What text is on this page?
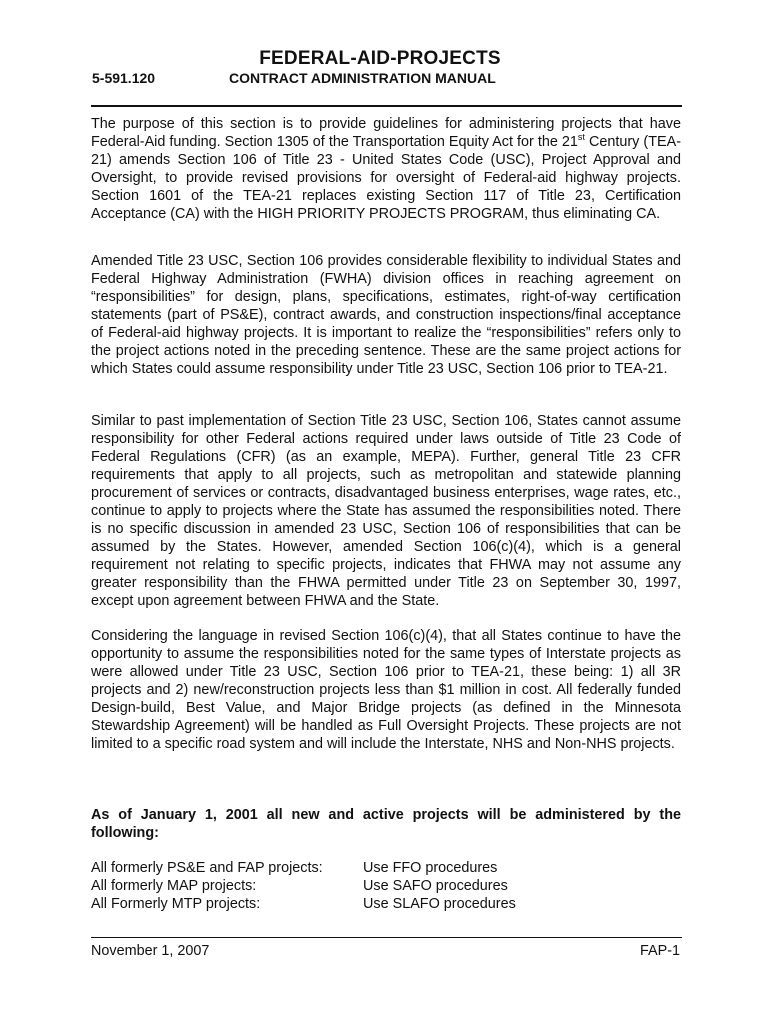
FEDERAL-AID-PROJECTS
5-591.120	CONTRACT ADMINISTRATION MANUAL
The purpose of this section is to provide guidelines for administering projects that have Federal-Aid funding. Section 1305 of the Transportation Equity Act for the 21st Century (TEA-21) amends Section 106 of Title 23 - United States Code (USC), Project Approval and Oversight, to provide revised provisions for oversight of Federal-aid highway projects. Section 1601 of the TEA-21 replaces existing Section 117 of Title 23, Certification Acceptance (CA) with the HIGH PRIORITY PROJECTS PROGRAM, thus eliminating CA.
Amended Title 23 USC, Section 106 provides considerable flexibility to individual States and Federal Highway Administration (FWHA) division offices in reaching agreement on “responsibilities” for design, plans, specifications, estimates, right-of-way certification statements (part of PS&E), contract awards, and construction inspections/final acceptance of Federal-aid highway projects. It is important to realize the “responsibilities” refers only to the project actions noted in the preceding sentence. These are the same project actions for which States could assume responsibility under Title 23 USC, Section 106 prior to TEA-21.
Similar to past implementation of Section Title 23 USC, Section 106, States cannot assume responsibility for other Federal actions required under laws outside of Title 23 Code of Federal Regulations (CFR) (as an example, MEPA). Further, general Title 23 CFR requirements that apply to all projects, such as metropolitan and statewide planning procurement of services or contracts, disadvantaged business enterprises, wage rates, etc., continue to apply to projects where the State has assumed the responsibilities noted. There is no specific discussion in amended 23 USC, Section 106 of responsibilities that can be assumed by the States. However, amended Section 106(c)(4), which is a general requirement not relating to specific projects, indicates that FHWA may not assume any greater responsibility than the FHWA permitted under Title 23 on September 30, 1997, except upon agreement between FHWA and the State.
Considering the language in revised Section 106(c)(4), that all States continue to have the opportunity to assume the responsibilities noted for the same types of Interstate projects as were allowed under Title 23 USC, Section 106 prior to TEA-21, these being: 1) all 3R projects and 2) new/reconstruction projects less than $1 million in cost. All federally funded Design-build, Best Value, and Major Bridge projects (as defined in the Minnesota Stewardship Agreement) will be handled as Full Oversight Projects. These projects are not limited to a specific road system and will include the Interstate, NHS and Non-NHS projects.
As of January 1, 2001 all new and active projects will be administered by the following:
All formerly PS&E and FAP projects:	Use FFO procedures
All formerly MAP projects:	Use SAFO procedures
All Formerly MTP projects:	Use SLAFO procedures
November 1, 2007	FAP-1
